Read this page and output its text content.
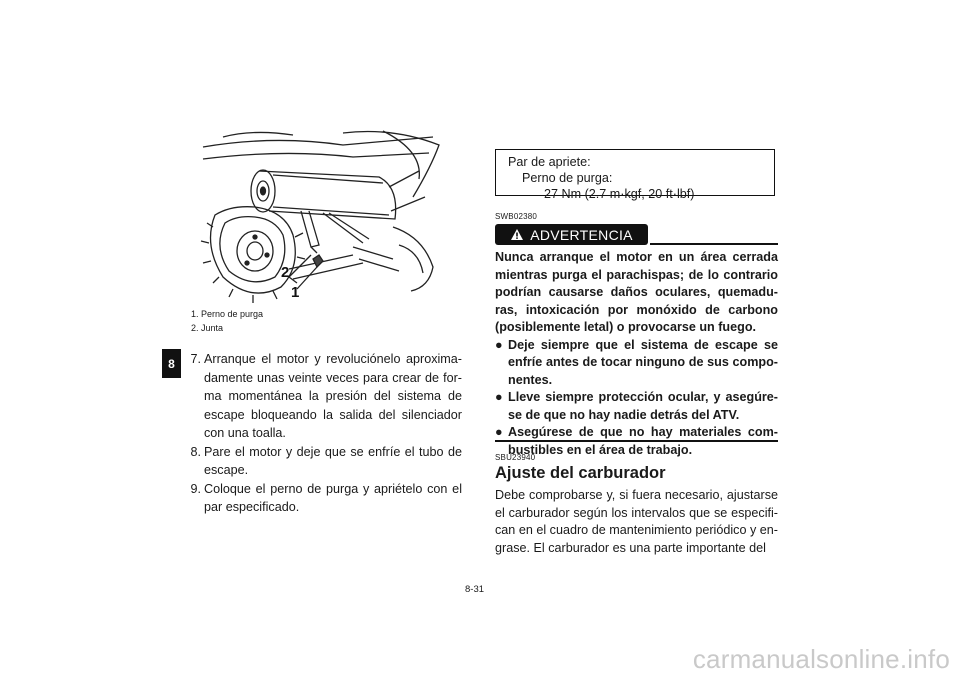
8
2
1
1. Perno de purga
2. Junta
7. Arranque el motor y revoluciónelo aproxima-damente unas veinte veces para crear de for-ma momentánea la presión del sistema de escape bloqueando la salida del silenciador con una toalla.
8. Pare el motor y deje que se enfríe el tubo de escape.
9. Coloque el perno de purga y apriételo con el par especificado.
Par de apriete:
Perno de purga:
27 Nm (2.7 m·kgf, 20 ft·lbf)
SWB02380
ADVERTENCIA
Nunca arranque el motor en un área cerrada mientras purga el parachispas; de lo contrario podrían causarse daños oculares, quemadu-ras, intoxicación por monóxido de carbono (posiblemente letal) o provocarse un fuego.
● Deje siempre que el sistema de escape se enfríe antes de tocar ninguno de sus compo-nentes.
● Lleve siempre protección ocular, y asegúre-se de que no hay nadie detrás del ATV.
● Asegúrese de que no hay materiales com-bustibles en el área de trabajo.
SBU23940
Ajuste del carburador
Debe comprobarse y, si fuera necesario, ajustarse el carburador según los intervalos que se especifi-can en el cuadro de mantenimiento periódico y en-grase. El carburador es una parte importante del
8-31
carmanualsonline.info
